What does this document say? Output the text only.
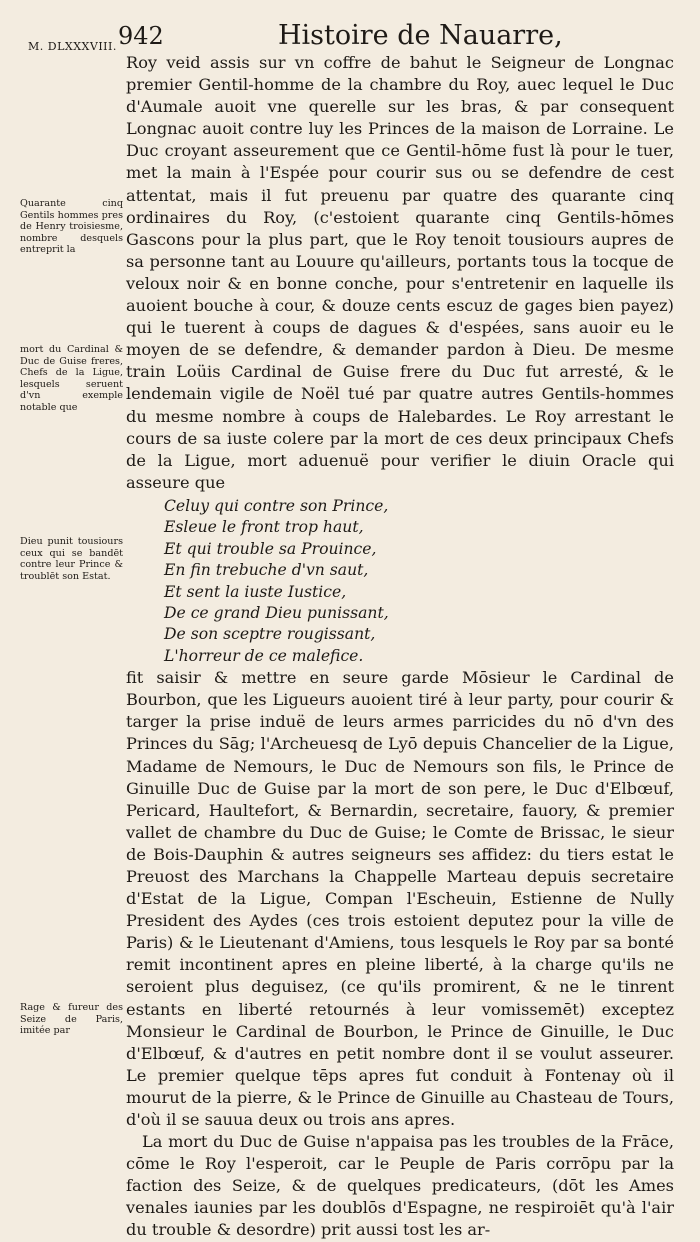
M. DLXXXVIII. 942	Histoire de Nauarre,
Quarante cinq Gentils hommes pres de Henry troisiesme, nombre desquels entreprit la
mort du Cardinal & Duc de Guise freres, Chefs de la Ligue, lesquels seruent d'vn exemple notable que
Dieu punit tousiours ceux qui se bandēt contre leur Prince & troublēt son Estat.
Rage & fureur des Seize de Paris, imitée par

Roy veid assis sur vn coffre de bahut le Seigneur de Longnac premier Gentil-homme de la chambre du Roy, auec lequel le Duc d'Aumale auoit vne querelle sur les bras, & par consequent Longnac auoit contre luy les Princes de la maison de Lorraine. Le Duc croyant asseurement que ce Gentil-hōme fust là pour le tuer, met la main à l'Espée pour courir sus ou se defendre de cest attentat, mais il fut preuenu par quatre des quarante cinq ordinaires du Roy, (c'estoient quarante cinq Gentils-hōmes Gascons pour la plus part, que le Roy tenoit tousiours aupres de sa personne tant au Louure qu'ailleurs, portants tous la tocque de veloux noir & en bonne conche, pour s'entretenir en laquelle ils auoient bouche à cour, & douze cents escuz de gages bien payez) qui le tuerent à coups de dagues & d'espées, sans auoir eu le moyen de se defendre, & demander pardon à Dieu. De mesme train Loüis Cardinal de Guise frere du Duc fut arresté, & le lendemain vigile de Noël tué par quatre autres Gentils-hommes du mesme nombre à coups de Halebardes. Le Roy arrestant le cours de sa iuste colere par la mort de ces deux principaux Chefs de la Ligue, mort aduenuë pour verifier le diuin Oracle qui asseure que

Celuy qui contre son Prince,
Esleue le front trop haut,
Et qui trouble sa Prouince,
En fin trebuche d'vn saut,
Et sent la iuste Iustice,
De ce grand Dieu punissant,
De son sceptre rougissant,
L'horreur de ce malefice.

fit saisir & mettre en seure garde Mōsieur le Cardinal de Bourbon, que les Ligueurs auoient tiré à leur party, pour courir & targer la prise induë de leurs armes parricides du nō d'vn des Princes du Sāg; l'Archeuesq de Lyō depuis Chancelier de la Ligue, Madame de Nemours, le Duc de Nemours son fils, le Prince de Ginuille Duc de Guise par la mort de son pere, le Duc d'Elbœuf, Pericard, Haultefort, & Bernardin, secretaire, fauory, & premier vallet de chambre du Duc de Guise; le Comte de Brissac, le sieur de Bois-Dauphin & autres seigneurs ses affidez: du tiers estat le Preuost des Marchans la Chappelle Marteau depuis secretaire d'Estat de la Ligue, Compan l'Escheuin, Estienne de Nully President des Aydes (ces trois estoient deputez pour la ville de Paris) & le Lieutenant d'Amiens, tous lesquels le Roy par sa bonté remit incontinent apres en pleine liberté, à la charge qu'ils ne seroient plus deguisez, (ce qu'ils promirent, & ne le tinrent estants en liberté retournés à leur vomissemēt) exceptez Monsieur le Cardinal de Bourbon, le Prince de Ginuille, le Duc d'Elbœuf, & d'autres en petit nombre dont il se voulut asseurer. Le premier quelque tēps apres fut conduit à Fontenay où il mourut de la pierre, & le Prince de Ginuille au Chasteau de Tours, d'où il se sauua deux ou trois ans apres.

La mort du Duc de Guise n'appaisa pas les troubles de la Frāce, cōme le Roy l'esperoit, car le Peuple de Paris corrōpu par la faction des Seize, & de quelques predicateurs, (dōt les Ames venales iaunies par les doublōs d'Espagne, ne respiroiēt qu'à l'air du trouble & desordre) prit aussi tost les ar-
